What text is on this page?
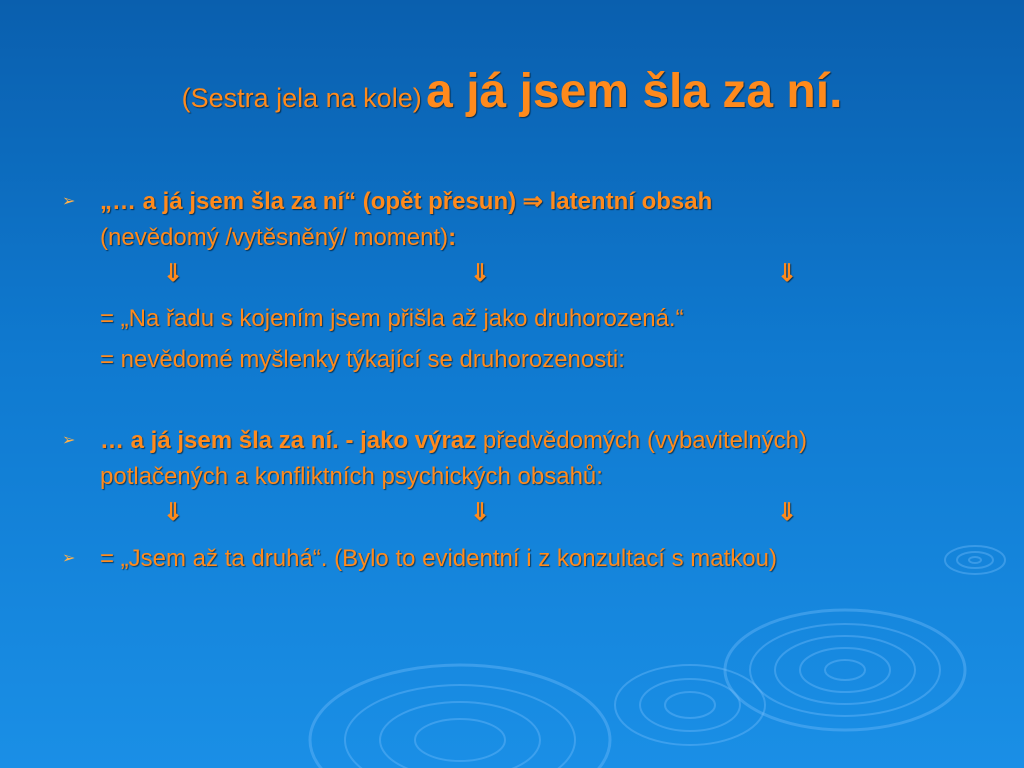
(Sestra jela na kole) a já jsem šla za ní.
➢ „… a já jsem šla za ní“ (opět přesun) ⇒ latentní obsah
(nevědomý /vytěsněný/ moment):
⇓	⇓	⇓
= „Na řadu s kojením jsem přišla až jako druhorozená.“
= nevědomé myšlenky týkající se druhorozenosti:
➢ … a já jsem šla za ní. - jako výraz předvědomých (vybavitelných)
potlačených a konfliktních psychických obsahů:
⇓	⇓	⇓
➢ = „Jsem až ta druhá“. (Bylo to evidentní i z konzultací s matkou)
